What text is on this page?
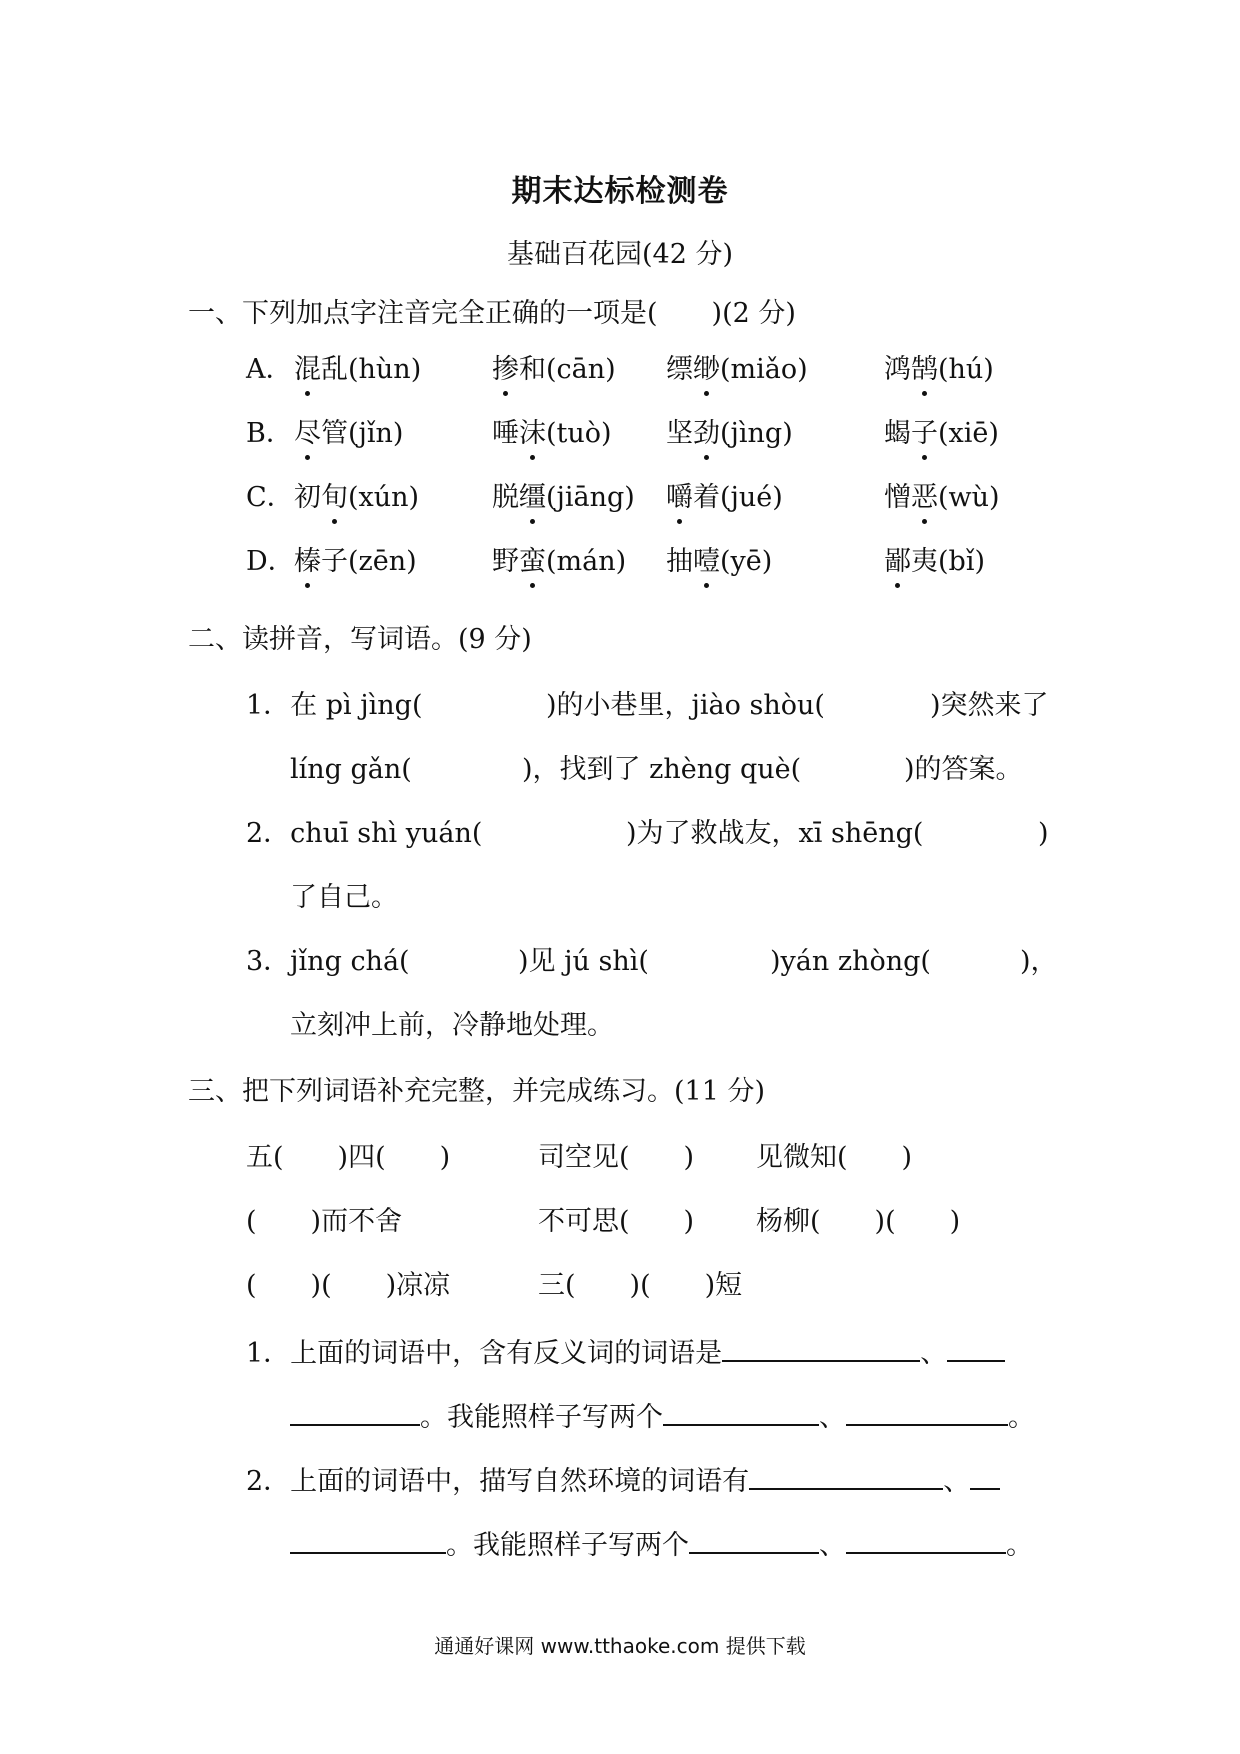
期末达标检测卷
基础百花园(42 分)
一、下列加点字注音完全正确的一项是(　　)(2 分)
A． 混乱(hùn)	掺和(cān) 缥缈(miǎo)	鸿鹄(hú)
B． 尽管(jǐn)	唾沫(tuò) 坚劲(jìng)	蝎子(xiē)
C． 初旬(xún)	脱缰(jiāng) 嚼着(jué)	憎恶(wù)
D． 榛子(zēn)	野蛮(mán) 抽噎(yē)	鄙夷(bǐ)
二、读拼音，写词语。(9 分)
1．在 pì jìng(	)的小巷里，jiào shòu(	)突然来了
líng gǎn(	)，找到了 zhèng què(	)的答案。
2．chuī shì yuán(	)为了救战友，xī shēng(	)
了自己。
3．jǐng chá(	)见 jú shì(	)yán zhòng(	)，
立刻冲上前，冷静地处理。
三、把下列词语补充完整，并完成练习。(11 分)
五(　　)四(　　)	司空见(　　) 见微知(　　)
(　　)而不舍	不可思(　　) 杨柳(　　)(　　)
(　　)(　　)凉凉	三(　　)(　　)短
1．上面的词语中，含有反义词的词语是	、
。我能照样子写两个	、	。
2．上面的词语中，描写自然环境的词语有	、
。我能照样子写两个	、	。
通通好课网 www.tthaoke.com 提供下载
